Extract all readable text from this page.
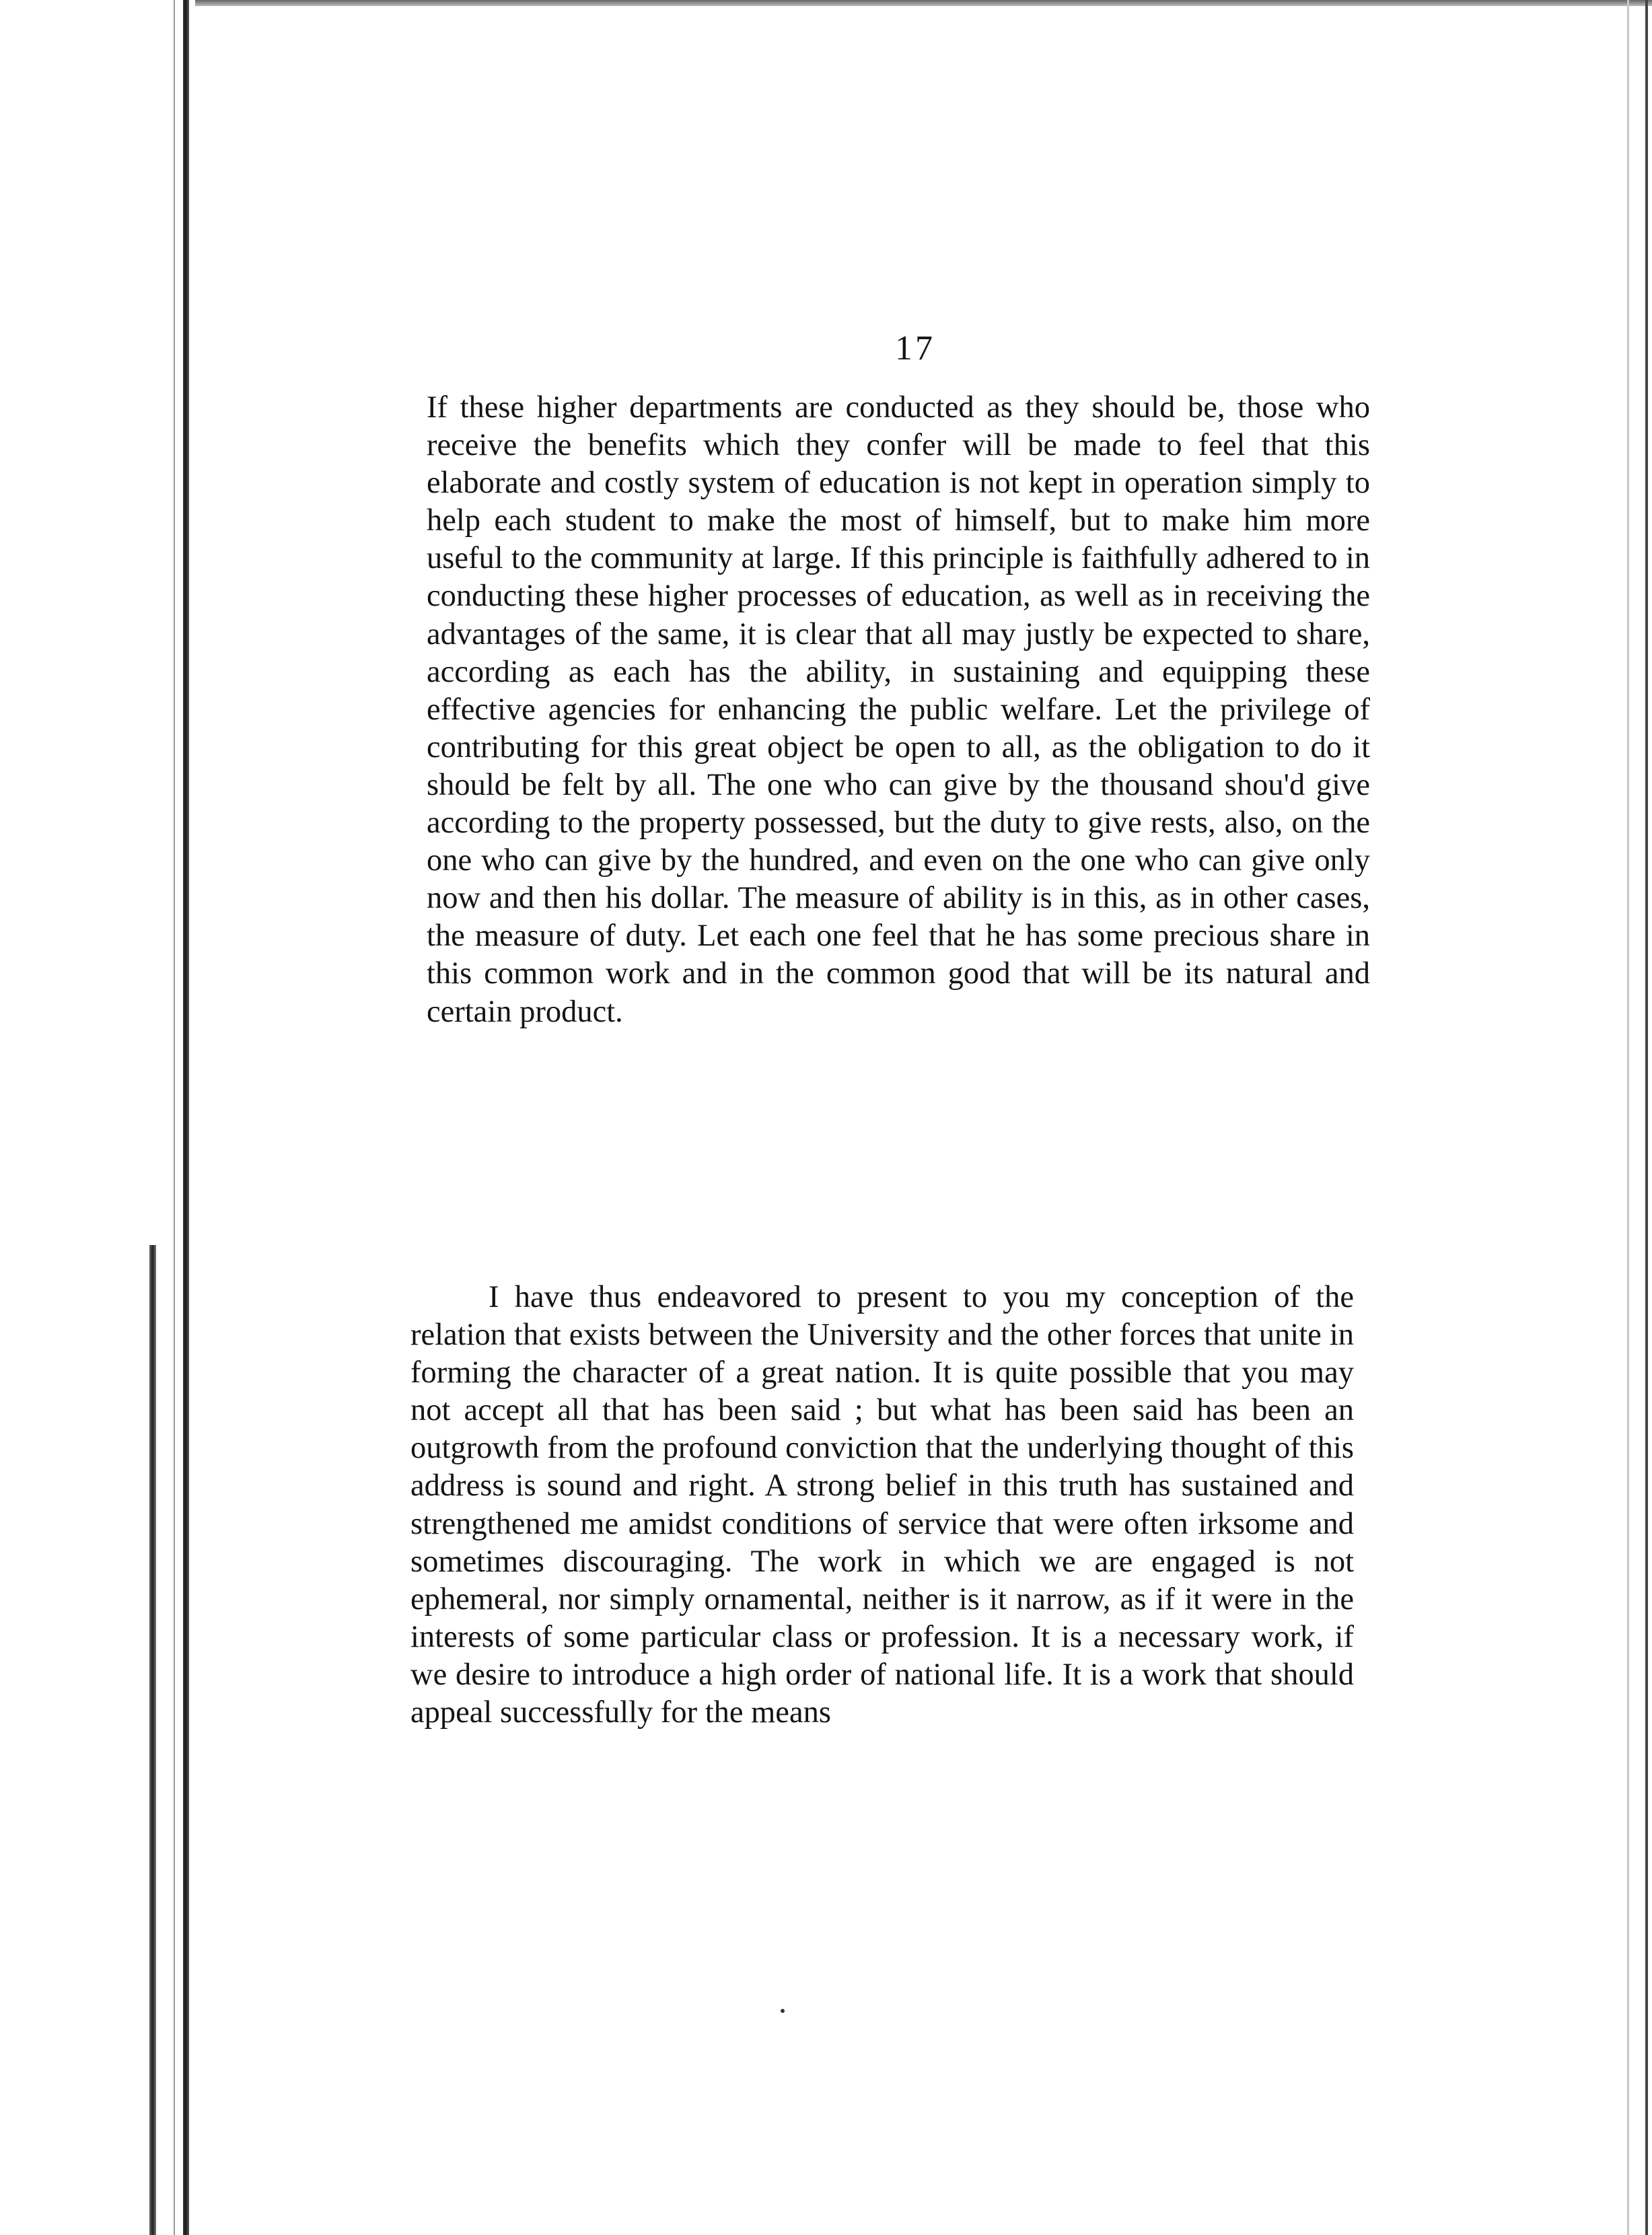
17

If these higher departments are conducted as they should be, those who receive the benefits which they confer will be made to feel that this elaborate and costly system of education is not kept in operation simply to help each student to make the most of himself, but to make him more useful to the community at large. If this principle is faithfully adhered to in conducting these higher processes of education, as well as in receiving the advantages of the same, it is clear that all may justly be expected to share, according as each has the ability, in sustaining and equipping these effective agencies for enhancing the public welfare. Let the privilege of contributing for this great object be open to all, as the obligation to do it should be felt by all. The one who can give by the thousand shou'd give according to the property possessed, but the duty to give rests, also, on the one who can give by the hundred, and even on the one who can give only now and then his dollar. The measure of ability is in this, as in other cases, the measure of duty. Let each one feel that he has some precious share in this common work and in the common good that will be its natural and certain product.

I have thus endeavored to present to you my conception of the relation that exists between the University and the other forces that unite in forming the character of a great nation. It is quite possible that you may not accept all that has been said ; but what has been said has been an outgrowth from the profound conviction that the underlying thought of this address is sound and right. A strong belief in this truth has sustained and strengthened me amidst conditions of service that were often irksome and sometimes discouraging. The work in which we are engaged is not ephemeral, nor simply ornamental, neither is it narrow, as if it were in the interests of some particular class or profession. It is a necessary work, if we desire to introduce a high order of national life. It is a work that should appeal successfully for the means
